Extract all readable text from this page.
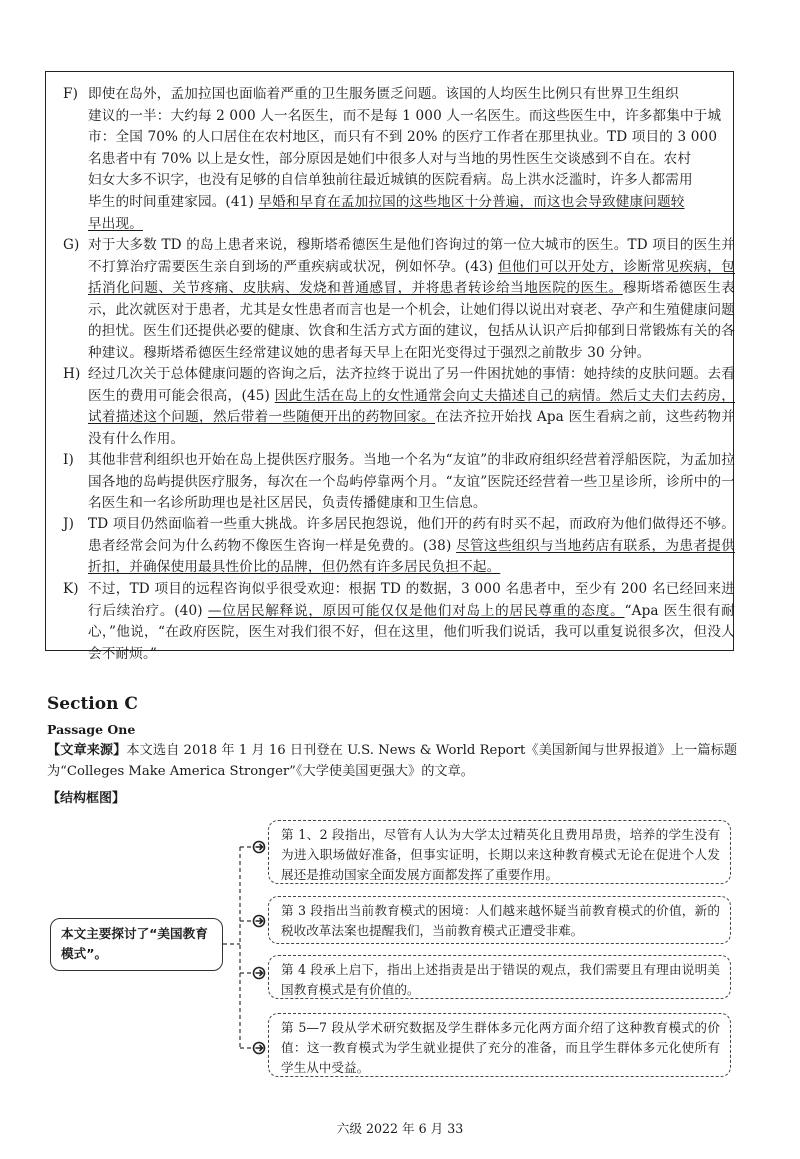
F) 即使在岛外，孟加拉国也面临着严重的卫生服务匮乏问题。该国的人均医生比例只有世界卫生组织
建议的一半：大约每 2 000 人一名医生，而不是每 1 000 人一名医生。而这些医生中，许多都集中于城
市：全国 70% 的人口居住在农村地区，而只有不到 20% 的医疗工作者在那里执业。TD 项目的 3 000
名患者中有 70% 以上是女性，部分原因是她们中很多人对与当地的男性医生交谈感到不自在。农村
妇女大多不识字，也没有足够的自信单独前往最近城镇的医院看病。岛上洪水泛滥时，许多人都需用
毕生的时间重建家园。(41) 早婚和早育在孟加拉国的这些地区十分普遍，而这也会导致健康问题较
早出现。
G) 对于大多数 TD 的岛上患者来说，穆斯塔希德医生是他们咨询过的第一位大城市的医生。TD 项目的医生并不打算治疗需要医生亲自到场的严重疾病或状况，例如怀孕。(43) 但他们可以开处方，诊断常见疾病，包括消化问题、关节疼痛、皮肤病、发烧和普通感冒，并将患者转诊给当地医院的医生。穆斯塔希德医生表示，此次就医对于患者，尤其是女性患者而言也是一个机会，让她们得以说出对衰老、孕产和生殖健康问题的担忧。医生们还提供必要的健康、饮食和生活方式方面的建议，包括从认识产后抑郁到日常锻炼有关的各种建议。穆斯塔希德医生经常建议她的患者每天早上在阳光变得过于强烈之前散步 30 分钟。
H) 经过几次关于总体健康问题的咨询之后，法齐拉终于说出了另一件困扰她的事情：她持续的皮肤问题。去看医生的费用可能会很高，(45) 因此生活在岛上的女性通常会向丈夫描述自己的病情。然后丈夫们去药房，试着描述这个问题，然后带着一些随便开出的药物回家。在法齐拉开始找 Apa 医生看病之前，这些药物并没有什么作用。
I) 其他非营利组织也开始在岛上提供医疗服务。当地一个名为“友谊”的非政府组织经营着浮船医院，为孟加拉国各地的岛屿提供医疗服务，每次在一个岛屿停靠两个月。“友谊”医院还经营着一些卫星诊所，诊所中的一名医生和一名诊所助理也是社区居民，负责传播健康和卫生信息。
J) TD 项目仍然面临着一些重大挑战。许多居民抱怨说，他们开的药有时买不起，而政府为他们做得还不够。患者经常会问为什么药物不像医生咨询一样是免费的。(38) 尽管这些组织与当地药店有联系，为患者提供折扣，并确保使用最具性价比的品牌，但仍然有许多居民负担不起。
K) 不过，TD 项目的远程咨询似乎很受欢迎：根据 TD 的数据，3 000 名患者中，至少有 200 名已经回来进行后续治疗。(40) —位居民解释说，原因可能仅仅是他们对岛上的居民尊重的态度。“Apa 医生很有耐心，”他说，“在政府医院，医生对我们很不好，但在这里，他们听我们说话，我可以重复说很多次，但没人会不耐烦。”
Section C
Passage One
【文章来源】本文选自 2018 年 1 月 16 日刊登在 U.S. News & World Report《美国新闻与世界报道》上一篇标题为“Colleges Make America Stronger”《大学使美国更强大》的文章。
【结构框图】
本文主要探讨了“美国教育模式”。
第 1、2 段指出，尽管有人认为大学太过精英化且费用昂贵，培养的学生没有为进入职场做好准备，但事实证明，长期以来这种教育模式无论在促进个人发展还是推动国家全面发展方面都发挥了重要作用。
第 3 段指出当前教育模式的困境：人们越来越怀疑当前教育模式的价值，新的税收改革法案也提醒我们，当前教育模式正遭受非难。
第 4 段承上启下，指出上述指责是出于错误的观点，我们需要且有理由说明美国教育模式是有价值的。
第 5—7 段从学术研究数据及学生群体多元化两方面介绍了这种教育模式的价值：这一教育模式为学生就业提供了充分的准备，而且学生群体多元化使所有学生从中受益。
六级 2022 年 6 月 33
